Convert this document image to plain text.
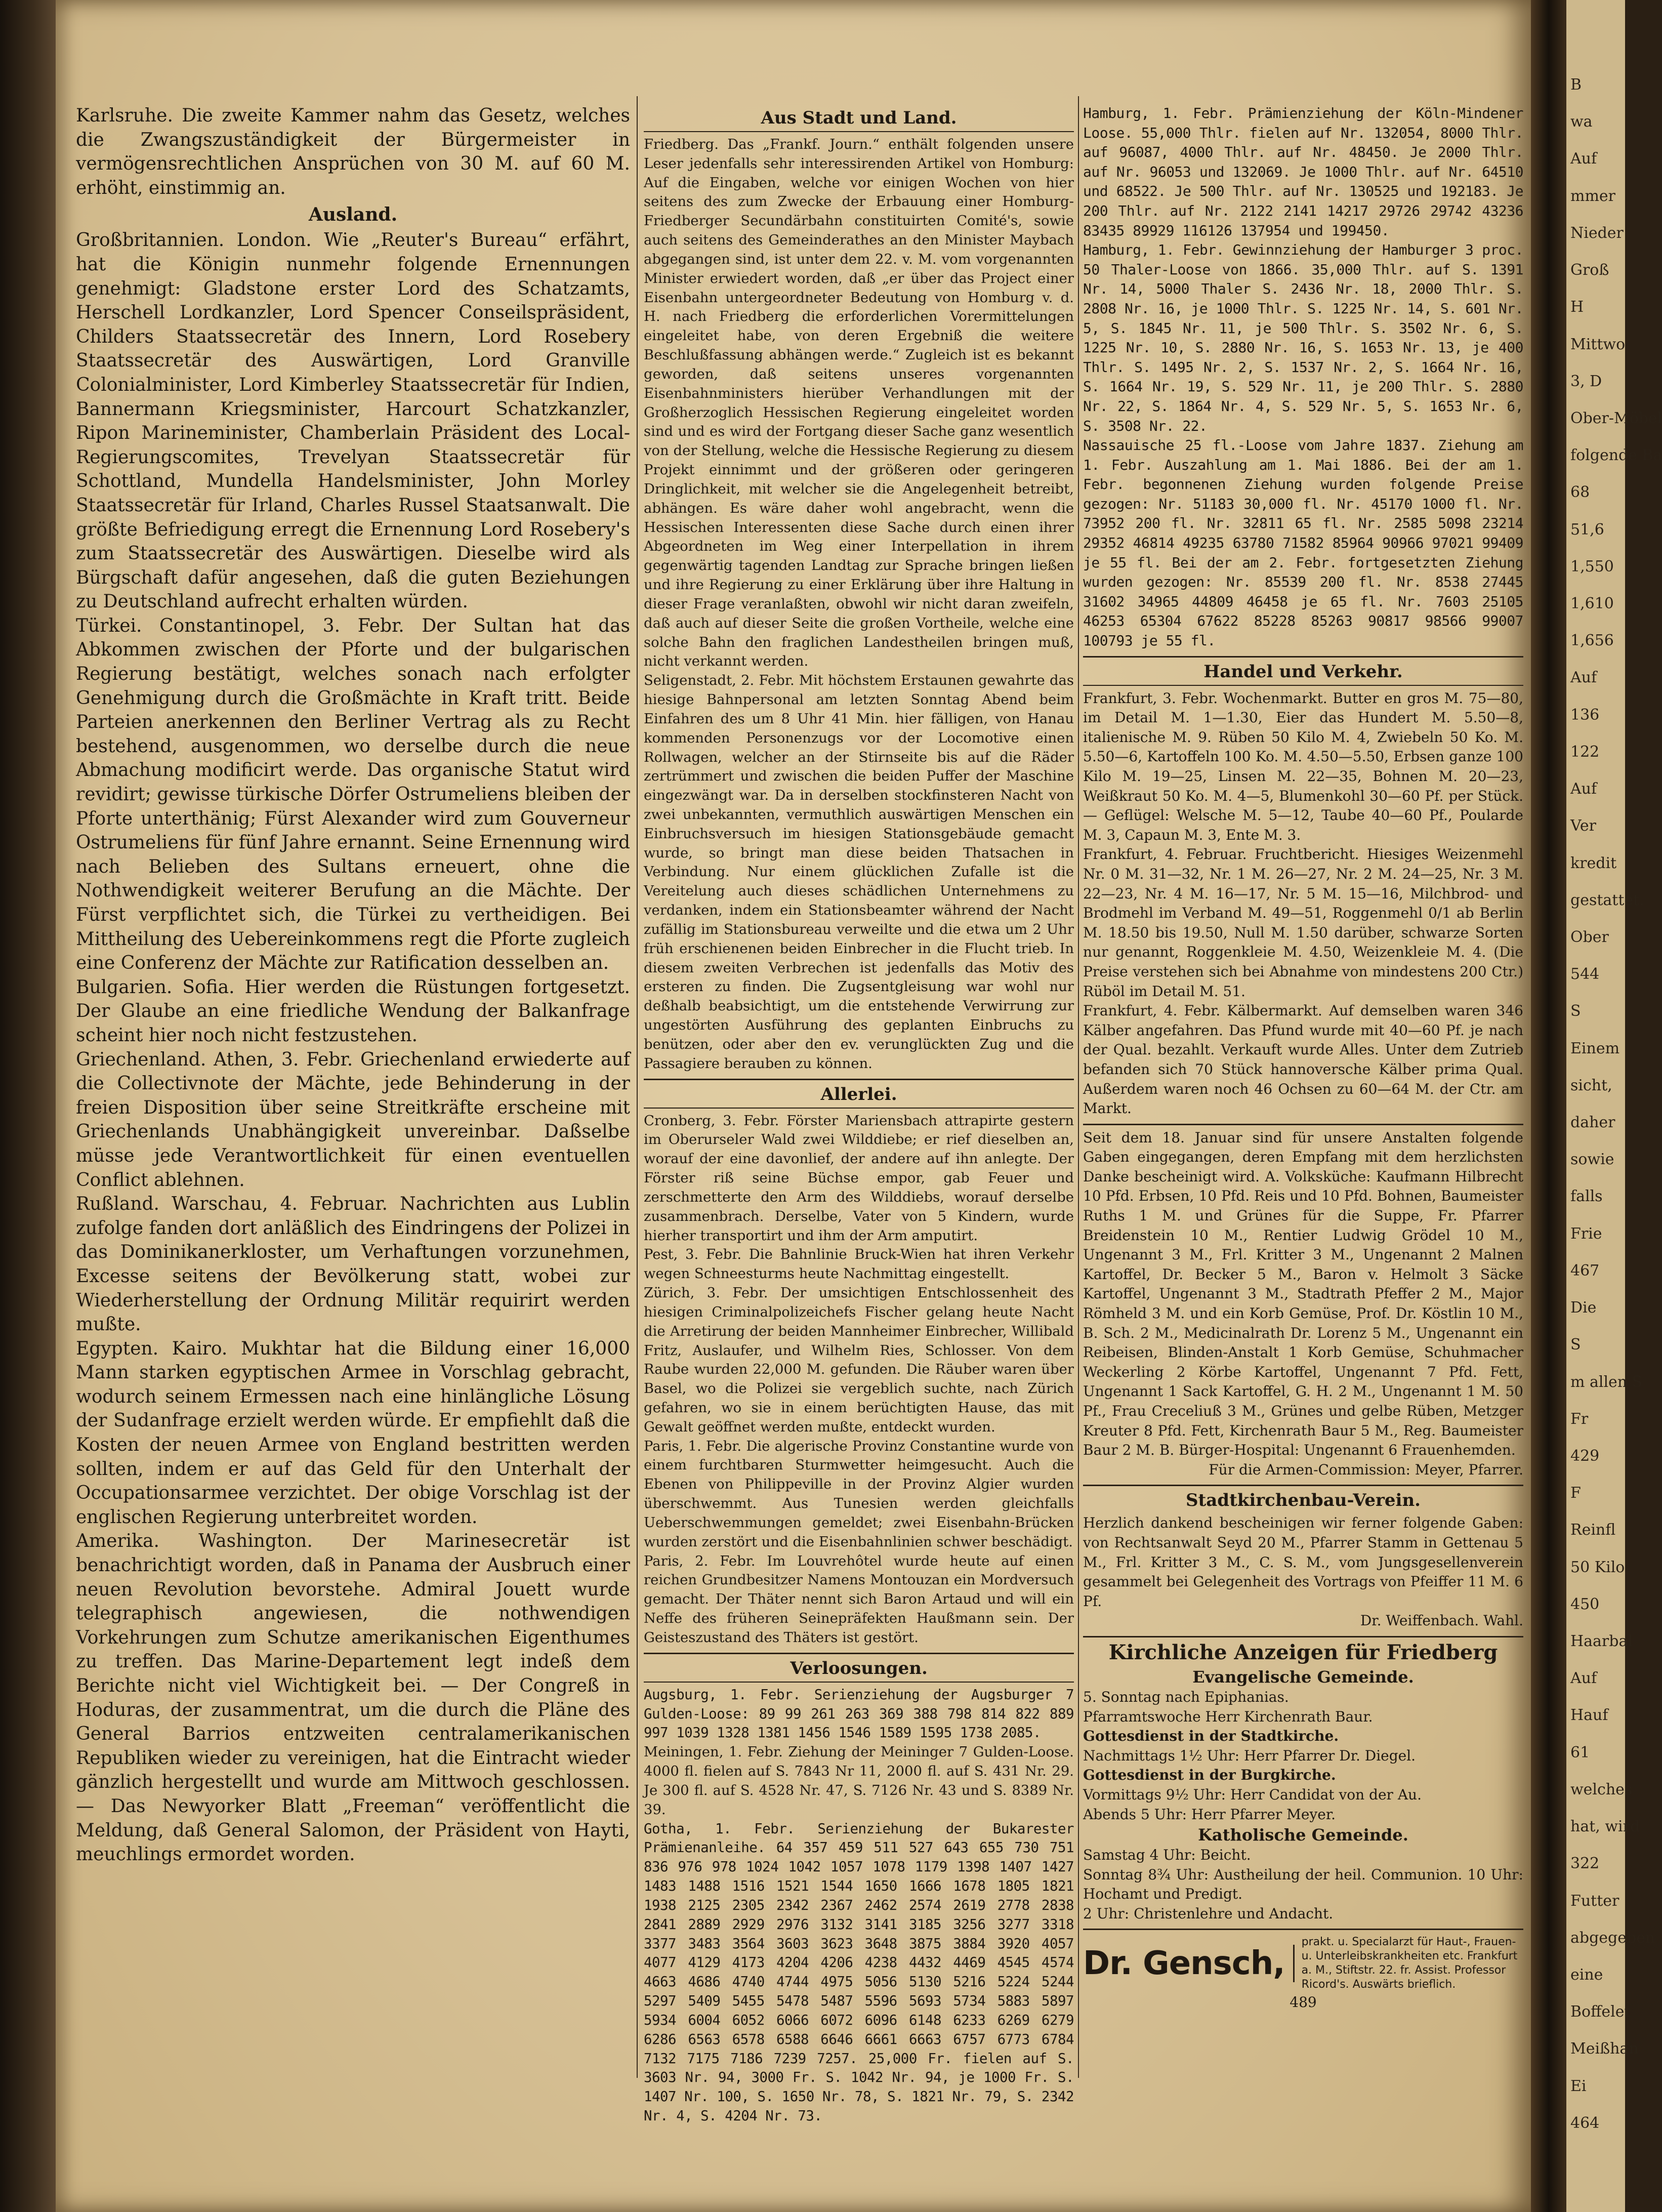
B
wa
Auf
mmer
Nieder
Groß
H
Mittwo
3, D
Ober-Möbel
folgende Ba
68
51,6
1,550
1,610
1,656
Auf
136
122
Auf
Ver
kredit
gestattet.
Ober
544
S
Einem
sicht,
daher
sowie
falls
Frie
467
Die
S
m allen S
Fr
429
F
Reinfl
50 Kilo
450
Haarbal
Auf
Hauf
61
welches
hat, wird
322
Futter
abgegeben
eine
Boffelet
Meißhan
Ei
464

Karlsruhe. Die zweite Kammer nahm das Gesetz, welches die Zwangszuständigkeit der Bürgermeister in vermögensrechtlichen Ansprüchen von 30 M. auf 60 M. erhöht, einstimmig an.

Ausland.

Großbritannien. London. Wie „Reuter's Bureau“ erfährt, hat die Königin nunmehr folgende Ernennungen genehmigt: Gladstone erster Lord des Schatzamts, Herschell Lordkanzler, Lord Spencer Conseilspräsident, Childers Staatssecretär des Innern, Lord Rosebery Staatssecretär des Auswärtigen, Lord Granville Colonialminister, Lord Kimberley Staatssecretär für Indien, Bannermann Kriegsminister, Harcourt Schatzkanzler, Ripon Marineminister, Chamberlain Präsident des Local-Regierungscomites, Trevelyan Staatssecretär für Schottland, Mundella Handelsminister, John Morley Staatssecretär für Irland, Charles Russel Staatsanwalt. Die größte Befriedigung erregt die Ernennung Lord Rosebery's zum Staatssecretär des Auswärtigen. Dieselbe wird als Bürgschaft dafür angesehen, daß die guten Beziehungen zu Deutschland aufrecht erhalten würden.

Türkei. Constantinopel, 3. Febr. Der Sultan hat das Abkommen zwischen der Pforte und der bulgarischen Regierung bestätigt, welches sonach nach erfolgter Genehmigung durch die Großmächte in Kraft tritt. Beide Parteien anerkennen den Berliner Vertrag als zu Recht bestehend, ausgenommen, wo derselbe durch die neue Abmachung modificirt werde. Das organische Statut wird revidirt; gewisse türkische Dörfer Ostrumeliens bleiben der Pforte unterthänig; Fürst Alexander wird zum Gouverneur Ostrumeliens für fünf Jahre ernannt. Seine Ernennung wird nach Belieben des Sultans erneuert, ohne die Nothwendigkeit weiterer Berufung an die Mächte. Der Fürst verpflichtet sich, die Türkei zu vertheidigen. Bei Mittheilung des Uebereinkommens regt die Pforte zugleich eine Conferenz der Mächte zur Ratification desselben an.

Bulgarien. Sofia. Hier werden die Rüstungen fortgesetzt. Der Glaube an eine friedliche Wendung der Balkanfrage scheint hier noch nicht festzustehen.

Griechenland. Athen, 3. Febr. Griechenland erwiederte auf die Collectivnote der Mächte, jede Behinderung in der freien Disposition über seine Streitkräfte erscheine mit Griechenlands Unabhängigkeit unvereinbar. Daßselbe müsse jede Verantwortlichkeit für einen eventuellen Conflict ablehnen.

Rußland. Warschau, 4. Februar. Nachrichten aus Lublin zufolge fanden dort anläßlich des Eindringens der Polizei in das Dominikanerkloster, um Verhaftungen vorzunehmen, Excesse seitens der Bevölkerung statt, wobei zur Wiederherstellung der Ordnung Militär requirirt werden mußte.

Egypten. Kairo. Mukhtar hat die Bildung einer 16,000 Mann starken egyptischen Armee in Vorschlag gebracht, wodurch seinem Ermessen nach eine hinlängliche Lösung der Sudanfrage erzielt werden würde. Er empfiehlt daß die Kosten der neuen Armee von England bestritten werden sollten, indem er auf das Geld für den Unterhalt der Occupationsarmee verzichtet. Der obige Vorschlag ist der englischen Regierung unterbreitet worden.

Amerika. Washington. Der Marinesecretär ist benachrichtigt worden, daß in Panama der Ausbruch einer neuen Revolution bevorstehe. Admiral Jouett wurde telegraphisch angewiesen, die nothwendigen Vorkehrungen zum Schutze amerikanischen Eigenthumes zu treffen. Das Marine-Departement legt indeß dem Berichte nicht viel Wichtigkeit bei. — Der Congreß in Hoduras, der zusammentrat, um die durch die Pläne des General Barrios entzweiten centralamerikanischen Republiken wieder zu vereinigen, hat die Eintracht wieder gänzlich hergestellt und wurde am Mittwoch geschlossen. — Das Newyorker Blatt „Freeman“ veröffentlicht die Meldung, daß General Salomon, der Präsident von Hayti, meuchlings ermordet worden.

Aus Stadt und Land.

Friedberg. Das „Frankf. Journ.“ enthält folgenden unsere Leser jedenfalls sehr interessirenden Artikel von Homburg: Auf die Eingaben, welche vor einigen Wochen von hier seitens des zum Zwecke der Erbauung einer Homburg-Friedberger Secundärbahn constituirten Comité's, sowie auch seitens des Gemeinderathes an den Minister Maybach abgegangen sind, ist unter dem 22. v. M. vom vorgenannten Minister erwiedert worden, daß „er über das Project einer Eisenbahn untergeordneter Bedeutung von Homburg v. d. H. nach Friedberg die erforderlichen Vorermittelungen eingeleitet habe, von deren Ergebniß die weitere Beschlußfassung abhängen werde.“ Zugleich ist es bekannt geworden, daß seitens unseres vorgenannten Eisenbahnministers hierüber Verhandlungen mit der Großherzoglich Hessischen Regierung eingeleitet worden sind und es wird der Fortgang dieser Sache ganz wesentlich von der Stellung, welche die Hessische Regierung zu diesem Projekt einnimmt und der größeren oder geringeren Dringlichkeit, mit welcher sie die Angelegenheit betreibt, abhängen. Es wäre daher wohl angebracht, wenn die Hessischen Interessenten diese Sache durch einen ihrer Abgeordneten im Weg einer Interpellation in ihrem gegenwärtig tagenden Landtag zur Sprache bringen ließen und ihre Regierung zu einer Erklärung über ihre Haltung in dieser Frage veranlaßten, obwohl wir nicht daran zweifeln, daß auch auf dieser Seite die großen Vortheile, welche eine solche Bahn den fraglichen Landestheilen bringen muß, nicht verkannt werden.

Seligenstadt, 2. Febr. Mit höchstem Erstaunen gewahrte das hiesige Bahnpersonal am letzten Sonntag Abend beim Einfahren des um 8 Uhr 41 Min. hier fälligen, von Hanau kommenden Personenzugs vor der Locomotive einen Rollwagen, welcher an der Stirnseite bis auf die Räder zertrümmert und zwischen die beiden Puffer der Maschine eingezwängt war. Da in derselben stockfinsteren Nacht von zwei unbekannten, vermuthlich auswärtigen Menschen ein Einbruchsversuch im hiesigen Stationsgebäude gemacht wurde, so bringt man diese beiden Thatsachen in Verbindung. Nur einem glücklichen Zufalle ist die Vereitelung auch dieses schädlichen Unternehmens zu verdanken, indem ein Stationsbeamter während der Nacht zufällig im Stationsbureau verweilte und die etwa um 2 Uhr früh erschienenen beiden Einbrecher in die Flucht trieb. In diesem zweiten Verbrechen ist jedenfalls das Motiv des ersteren zu finden. Die Zugsentgleisung war wohl nur deßhalb beabsichtigt, um die entstehende Verwirrung zur ungestörten Ausführung des geplanten Einbruchs zu benützen, oder aber den ev. verunglückten Zug und die Passagiere berauben zu können.

Allerlei.

Cronberg, 3. Febr. Förster Mariensbach attrapirte gestern im Oberurseler Wald zwei Wilddiebe; er rief dieselben an, worauf der eine davonlief, der andere auf ihn anlegte. Der Förster riß seine Büchse empor, gab Feuer und zerschmetterte den Arm des Wilddiebs, worauf derselbe zusammenbrach. Derselbe, Vater von 5 Kindern, wurde hierher transportirt und ihm der Arm amputirt.

Pest, 3. Febr. Die Bahnlinie Bruck-Wien hat ihren Verkehr wegen Schneesturms heute Nachmittag eingestellt.

Zürich, 3. Febr. Der umsichtigen Entschlossenheit des hiesigen Criminalpolizeichefs Fischer gelang heute Nacht die Arretirung der beiden Mannheimer Einbrecher, Willibald Fritz, Auslaufer, und Wilhelm Ries, Schlosser. Von dem Raube wurden 22,000 M. gefunden. Die Räuber waren über Basel, wo die Polizei sie vergeblich suchte, nach Zürich gefahren, wo sie in einem berüchtigten Hause, das mit Gewalt geöffnet werden mußte, entdeckt wurden.

Paris, 1. Febr. Die algerische Provinz Constantine wurde von einem furchtbaren Sturmwetter heimgesucht. Auch die Ebenen von Philippeville in der Provinz Algier wurden überschwemmt. Aus Tunesien werden gleichfalls Ueberschwemmungen gemeldet; zwei Eisenbahn-Brücken wurden zerstört und die Eisenbahnlinien schwer beschädigt.

Paris, 2. Febr. Im Louvrehôtel wurde heute auf einen reichen Grundbesitzer Namens Montouzan ein Mordversuch gemacht. Der Thäter nennt sich Baron Artaud und will ein Neffe des früheren Seinepräfekten Haußmann sein. Der Geisteszustand des Thäters ist gestört.

Verloosungen.

Augsburg, 1. Febr. Serienziehung der Augsburger 7 Gulden-Loose: 89 99 261 263 369 388 798 814 822 889 997 1039 1328 1381 1456 1546 1589 1595 1738 2085.

Meiningen, 1. Febr. Ziehung der Meininger 7 Gulden-Loose. 4000 fl. fielen auf S. 7843 Nr 11, 2000 fl. auf S. 431 Nr. 29. Je 300 fl. auf S. 4528 Nr. 47, S. 7126 Nr. 43 und S. 8389 Nr. 39.

Gotha, 1. Febr. Serienziehung der Bukarester Prämienanleihe. 64 357 459 511 527 643 655 730 751 836 976 978 1024 1042 1057 1078 1179 1398 1407 1427 1483 1488 1516 1521 1544 1650 1666 1678 1805 1821 1938 2125 2305 2342 2367 2462 2574 2619 2778 2838 2841 2889 2929 2976 3132 3141 3185 3256 3277 3318 3377 3483 3564 3603 3623 3648 3875 3884 3920 4057 4077 4129 4173 4204 4206 4238 4432 4469 4545 4574 4663 4686 4740 4744 4975 5056 5130 5216 5224 5244 5297 5409 5455 5478 5487 5596 5693 5734 5883 5897 5934 6004 6052 6066 6072 6096 6148 6233 6269 6279 6286 6563 6578 6588 6646 6661 6663 6757 6773 6784 7132 7175 7186 7239 7257. 25,000 Fr. fielen auf S. 3603 Nr. 94, 3000 Fr. S. 1042 Nr. 94, je 1000 Fr. S. 1407 Nr. 100, S. 1650 Nr. 78, S. 1821 Nr. 79, S. 2342 Nr. 4, S. 4204 Nr. 73.

Hamburg, 1. Febr. Prämienziehung der Köln-Mindener Loose. 55,000 Thlr. fielen auf Nr. 132054, 8000 Thlr. auf 96087, 4000 Thlr. auf Nr. 48450. Je 2000 Thlr. auf Nr. 96053 und 132069. Je 1000 Thlr. auf Nr. 64510 und 68522. Je 500 Thlr. auf Nr. 130525 und 192183. Je 200 Thlr. auf Nr. 2122 2141 14217 29726 29742 43236 83435 89929 116126 137954 und 199450.

Hamburg, 1. Febr. Gewinnziehung der Hamburger 3 proc. 50 Thaler-Loose von 1866. 35,000 Thlr. auf S. 1391 Nr. 14, 5000 Thaler S. 2436 Nr. 18, 2000 Thlr. S. 2808 Nr. 16, je 1000 Thlr. S. 1225 Nr. 14, S. 601 Nr. 5, S. 1845 Nr. 11, je 500 Thlr. S. 3502 Nr. 6, S. 1225 Nr. 10, S. 2880 Nr. 16, S. 1653 Nr. 13, je 400 Thlr. S. 1495 Nr. 2, S. 1537 Nr. 2, S. 1664 Nr. 16, S. 1664 Nr. 19, S. 529 Nr. 11, je 200 Thlr. S. 2880 Nr. 22, S. 1864 Nr. 4, S. 529 Nr. 5, S. 1653 Nr. 6, S. 3508 Nr. 22.

Nassauische 25 fl.-Loose vom Jahre 1837. Ziehung am 1. Febr. Auszahlung am 1. Mai 1886. Bei der am 1. Febr. begonnenen Ziehung wurden folgende Preise gezogen: Nr. 51183 30,000 fl. Nr. 45170 1000 fl. Nr. 73952 200 fl. Nr. 32811 65 fl. Nr. 2585 5098 23214 29352 46814 49235 63780 71582 85964 90966 97021 99409 je 55 fl. Bei der am 2. Febr. fortgesetzten Ziehung wurden gezogen: Nr. 85539 200 fl. Nr. 8538 27445 31602 34965 44809 46458 je 65 fl. Nr. 7603 25105 46253 65304 67622 85228 85263 90817 98566 99007 100793 je 55 fl.

Handel und Verkehr.

Frankfurt, 3. Febr. Wochenmarkt. Butter en gros M. 75—80, im Detail M. 1—1.30, Eier das Hundert M. 5.50—8, italienische M. 9. Rüben 50 Kilo M. 4, Zwiebeln 50 Ko. M. 5.50—6, Kartoffeln 100 Ko. M. 4.50—5.50, Erbsen ganze 100 Kilo M. 19—25, Linsen M. 22—35, Bohnen M. 20—23, Weißkraut 50 Ko. M. 4—5, Blumenkohl 30—60 Pf. per Stück. — Geflügel: Welsche M. 5—12, Taube 40—60 Pf., Poularde M. 3, Capaun M. 3, Ente M. 3.

Frankfurt, 4. Februar. Fruchtbericht. Hiesiges Weizenmehl Nr. 0 M. 31—32, Nr. 1 M. 26—27, Nr. 2 M. 24—25, Nr. 3 M. 22—23, Nr. 4 M. 16—17, Nr. 5 M. 15—16, Milchbrod- und Brodmehl im Verband M. 49—51, Roggenmehl 0/1 ab Berlin M. 18.50 bis 19.50, Null M. 1.50 darüber, schwarze Sorten nur genannt, Roggenkleie M. 4.50, Weizenkleie M. 4. (Die Preise verstehen sich bei Abnahme von mindestens 200 Ctr.) Rüböl im Detail M. 51.

Frankfurt, 4. Febr. Kälbermarkt. Auf demselben waren 346 Kälber angefahren. Das Pfund wurde mit 40—60 Pf. je nach der Qual. bezahlt. Verkauft wurde Alles. Unter dem Zutrieb befanden sich 70 Stück hannoversche Kälber prima Qual. Außerdem waren noch 46 Ochsen zu 60—64 M. der Ctr. am Markt.

Seit dem 18. Januar sind für unsere Anstalten folgende Gaben eingegangen, deren Empfang mit dem herzlichsten Danke bescheinigt wird. A. Volksküche: Kaufmann Hilbrecht 10 Pfd. Erbsen, 10 Pfd. Reis und 10 Pfd. Bohnen, Baumeister Ruths 1 M. und Grünes für die Suppe, Fr. Pfarrer Breidenstein 10 M., Rentier Ludwig Grödel 10 M., Ungenannt 3 M., Frl. Kritter 3 M., Ungenannt 2 Malnen Kartoffel, Dr. Becker 5 M., Baron v. Helmolt 3 Säcke Kartoffel, Ungenannt 3 M., Stadtrath Pfeffer 2 M., Major Römheld 3 M. und ein Korb Gemüse, Prof. Dr. Köstlin 10 M., B. Sch. 2 M., Medicinalrath Dr. Lorenz 5 M., Ungenannt ein Reibeisen, Blinden-Anstalt 1 Korb Gemüse, Schuhmacher Weckerling 2 Körbe Kartoffel, Ungenannt 7 Pfd. Fett, Ungenannt 1 Sack Kartoffel, G. H. 2 M., Ungenannt 1 M. 50 Pf., Frau Creceliuß 3 M., Grünes und gelbe Rüben, Metzger Kreuter 8 Pfd. Fett, Kirchenrath Baur 5 M., Reg. Baumeister Baur 2 M. B. Bürger-Hospital: Ungenannt 6 Frauenhemden.

Für die Armen-Commission: Meyer, Pfarrer.

Stadtkirchenbau-Verein.

Herzlich dankend bescheinigen wir ferner folgende Gaben: von Rechtsanwalt Seyd 20 M., Pfarrer Stamm in Gettenau 5 M., Frl. Kritter 3 M., C. S. M., vom Jungsgesellenverein gesammelt bei Gelegenheit des Vortrags von Pfeiffer 11 M. 6 Pf.

Dr. Weiffenbach. Wahl.

Kirchliche Anzeigen für Friedberg
Evangelische Gemeinde.

5. Sonntag nach Epiphanias.

Pfarramtswoche Herr Kirchenrath Baur.

Gottesdienst in der Stadtkirche.

Nachmittags 1½ Uhr: Herr Pfarrer Dr. Diegel.

Gottesdienst in der Burgkirche.

Vormittags 9½ Uhr: Herr Candidat von der Au.

Abends 5 Uhr: Herr Pfarrer Meyer.

Katholische Gemeinde.

Samstag 4 Uhr: Beicht.

Sonntag 8¾ Uhr: Austheilung der heil. Communion. 10 Uhr: Hochamt und Predigt.

2 Uhr: Christenlehre und Andacht.

Dr. Gensch,
prakt. u. Specialarzt für Haut-, Frauen- u. Unterleibskrankheiten etc. Frankfurt a. M., Stiftstr. 22. fr. Assist. Professor Ricord's. Auswärts brieflich.
489
